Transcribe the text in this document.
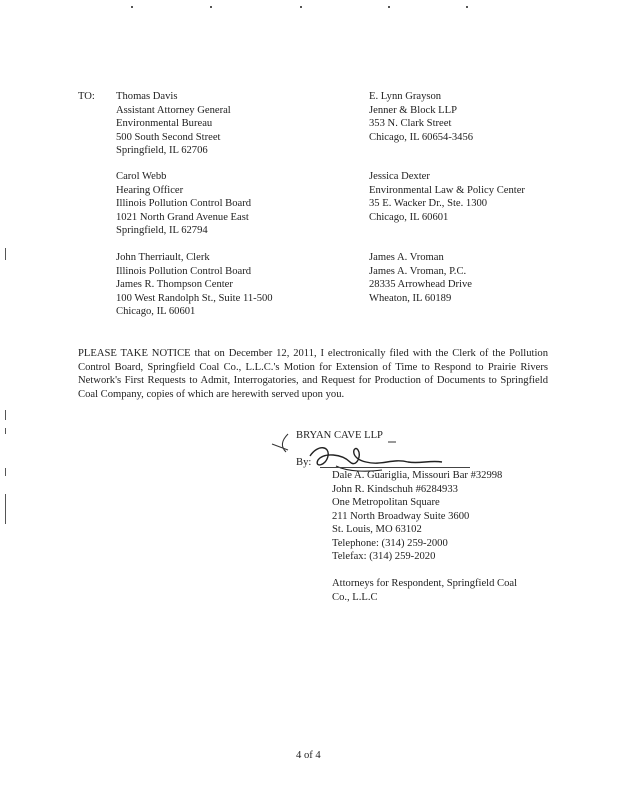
TO: Thomas Davis
Assistant Attorney General
Environmental Bureau
500 South Second Street
Springfield, IL 62706
Carol Webb
Hearing Officer
Illinois Pollution Control Board
1021 North Grand Avenue East
Springfield, IL 62794
John Therriault, Clerk
Illinois Pollution Control Board
James R. Thompson Center
100 West Randolph St., Suite 11-500
Chicago, IL 60601
E. Lynn Grayson
Jenner & Block LLP
353 N. Clark Street
Chicago, IL 60654-3456
Jessica Dexter
Environmental Law & Policy Center
35 E. Wacker Dr., Ste. 1300
Chicago, IL 60601
James A. Vroman
James A. Vroman, P.C.
28335 Arrowhead Drive
Wheaton, IL 60189
PLEASE TAKE NOTICE that on December 12, 2011, I electronically filed with the Clerk of the Pollution Control Board, Springfield Coal Co., L.L.C.'s Motion for Extension of Time to Respond to Prairie Rivers Network's First Requests to Admit, Interrogatories, and Request for Production of Documents to Springfield Coal Company, copies of which are herewith served upon you.
BRYAN CAVE LLP
By:
Dale A. Guariglia, Missouri Bar #32998
John R. Kindschuh #6284933
One Metropolitan Square
211 North Broadway Suite 3600
St. Louis, MO 63102
Telephone: (314) 259-2000
Telefax: (314) 259-2020
Attorneys for Respondent, Springfield Coal
Co., L.L.C
4 of 4
